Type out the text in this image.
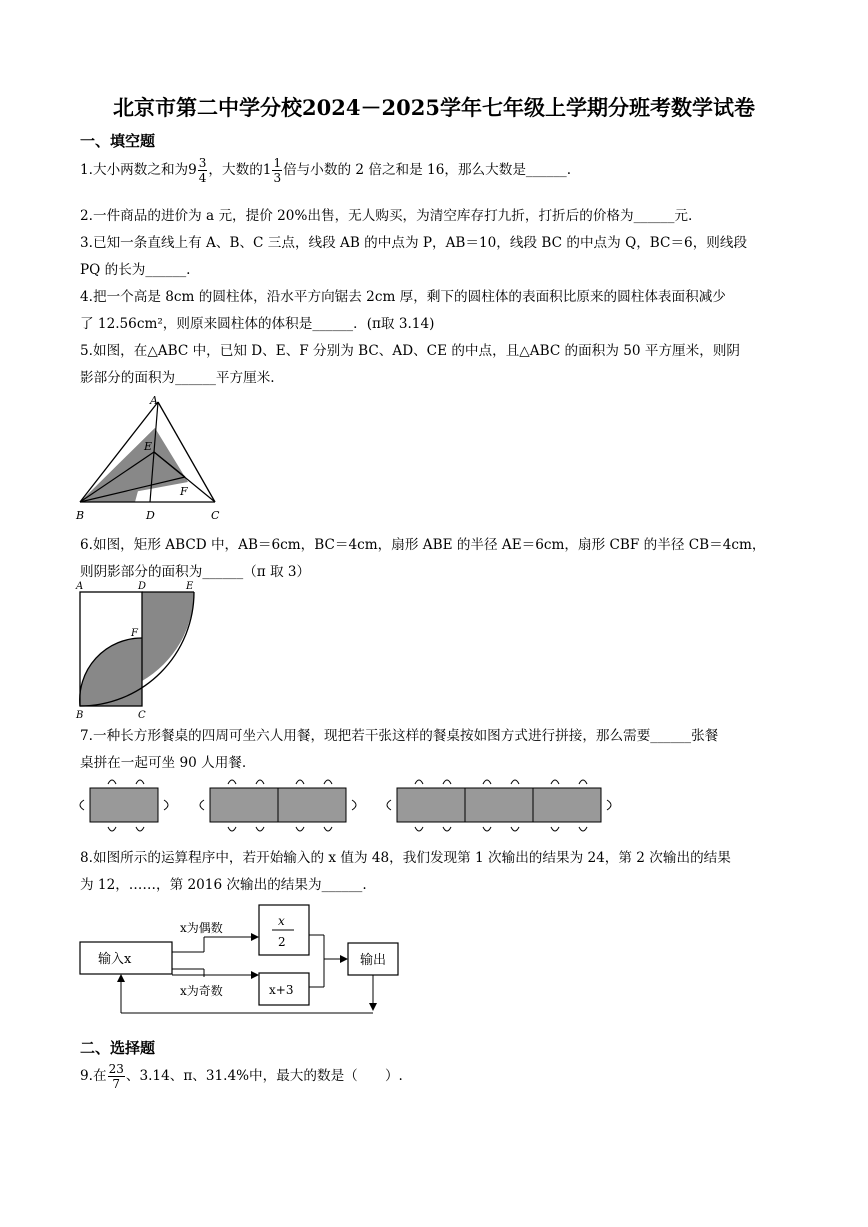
北京市第二中学分校2024－2025学年七年级上学期分班考数学试卷
一、填空题
1.大小两数之和为$9 \frac{3}{4}$ ，大数的$1 \frac{1}{3}$ 倍与小数的 2 倍之和是 16，那么大数是______.
2.一件商品的进价为 a 元，提价 20%出售，无人购买，为清空库存打九折，打折后的价格为______元.
3.已知一条直线上有 A、B、C 三点，线段 AB 的中点为 P，AB＝10，线段 BC 的中点为 Q，BC＝6，则线段
PQ 的长为______.
4.把一个高是 8cm 的圆柱体，沿水平方向锯去 2cm 厚，剩下的圆柱体的表面积比原来的圆柱体表面积减少
了 12.56cm²，则原来圆柱体的体积是______．(π取 3.14)
5.如图，在△ABC 中，已知 D、E、F 分别为 BC、AD、CE 的中点，且△ABC 的面积为 50 平方厘米，则阴
影部分的面积为______平方厘米.
A
E
F
B	D	C
6.如图，矩形 ABCD 中，AB＝6cm，BC＝4cm，扇形 ABE 的半径 AE＝6cm，扇形 CBF 的半径 CB＝4cm，
则阴影部分的面积为______（π 取 3）
A	D	E
F
B	C
7.一种长方形餐桌的四周可坐六人用餐，现把若干张这样的餐桌按如图方式进行拼接，那么需要______张餐
桌拼在一起可坐 90 人用餐.
8.如图所示的运算程序中，若开始输入的 x 值为 48，我们发现第 1 次输出的结果为 24，第 2 次输出的结果
为 12，……，第 2016 次输出的结果为______.
输入x
x
2
x+3
输出
x为偶数
x为奇数
二、选择题
9.在 $\frac{23}{7}$ 、3.14、π、31.4%中，最大的数是（　　）.
